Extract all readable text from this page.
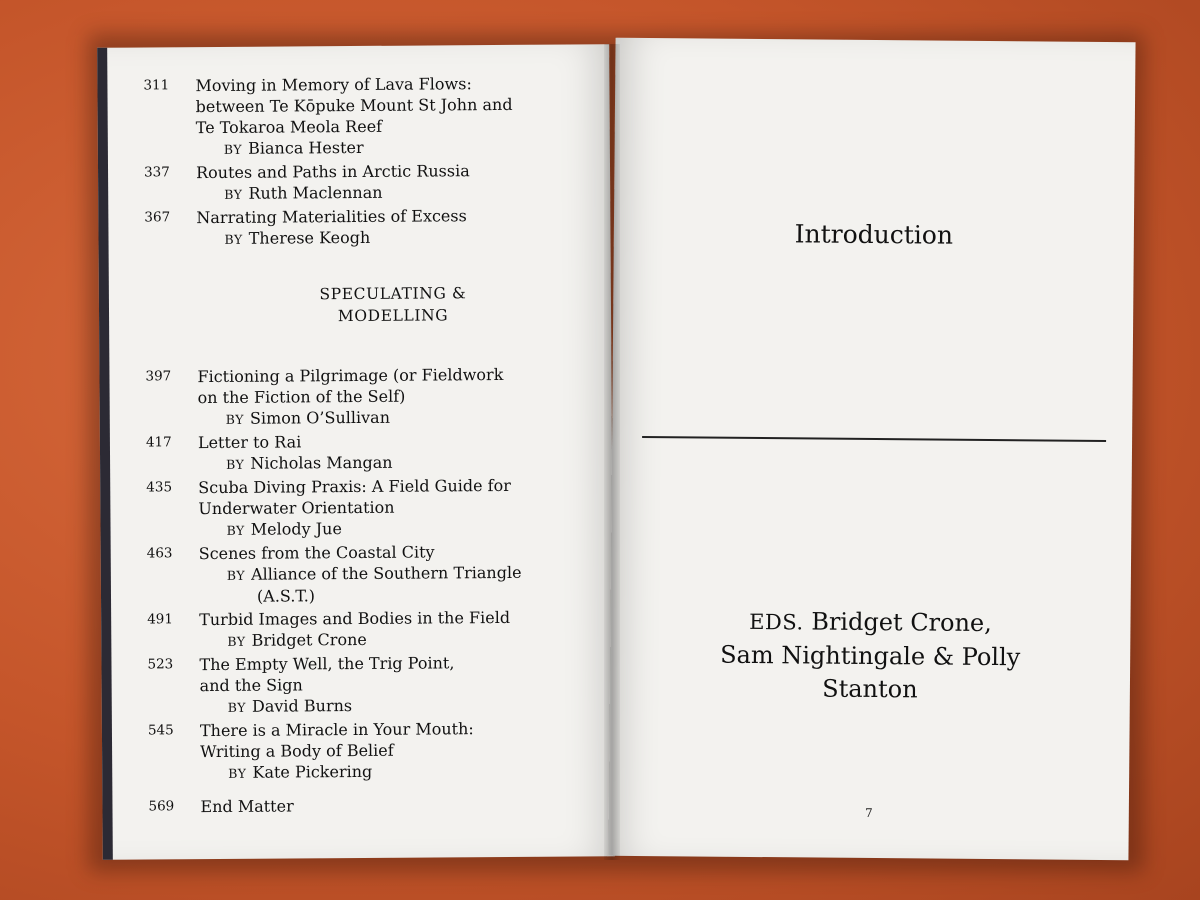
311 Moving in Memory of Lava Flows:
between Te Kōpuke Mount St John and
Te Tokaroa Meola Reef
BY Bianca Hester
337 Routes and Paths in Arctic Russia
BY Ruth Maclennan
367 Narrating Materialities of Excess
BY Therese Keogh
SPECULATING &
MODELLING
397 Fictioning a Pilgrimage (or Fieldwork
on the Fiction of the Self)
BY Simon O’Sullivan
417 Letter to Rai
BY Nicholas Mangan
435 Scuba Diving Praxis: A Field Guide for
Underwater Orientation
BY Melody Jue
463 Scenes from the Coastal City
BY Alliance of the Southern Triangle
(A.S.T.)
491 Turbid Images and Bodies in the Field
BY Bridget Crone
523 The Empty Well, the Trig Point,
and the Sign
BY David Burns
545 There is a Miracle in Your Mouth:
Writing a Body of Belief
BY Kate Pickering
569 End Matter
Introduction
EDS. Bridget Crone,
Sam Nightingale & Polly
Stanton
7
